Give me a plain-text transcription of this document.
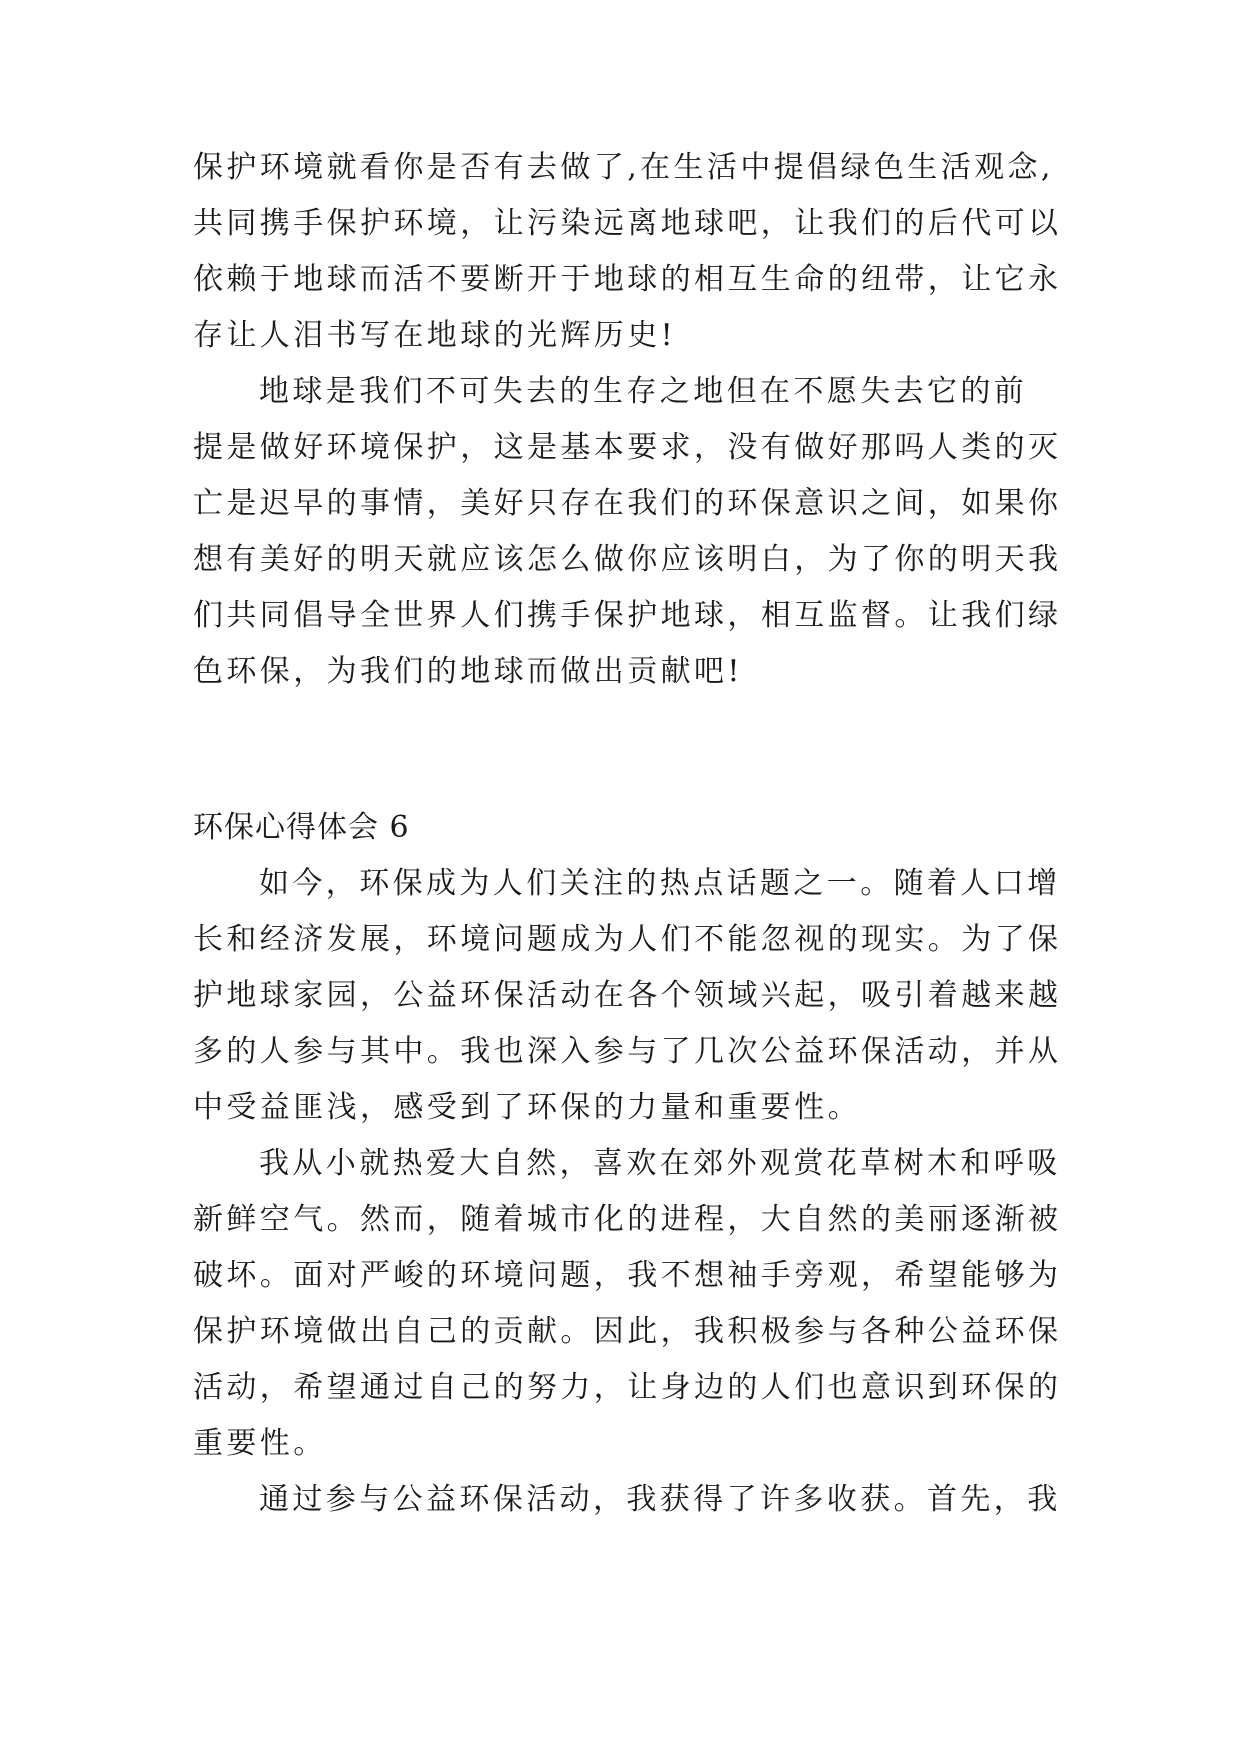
保护环境就看你是否有去做了,在生活中提倡绿色生活观念,
共同携手保护环境，让污染远离地球吧，让我们的后代可以
依赖于地球而活不要断开于地球的相互生命的纽带，让它永
存让人泪书写在地球的光辉历史!
地球是我们不可失去的生存之地但在不愿失去它的前
提是做好环境保护，这是基本要求，没有做好那吗人类的灭
亡是迟早的事情，美好只存在我们的环保意识之间，如果你
想有美好的明天就应该怎么做你应该明白，为了你的明天我
们共同倡导全世界人们携手保护地球，相互监督。让我们绿
色环保，为我们的地球而做出贡献吧!
环保心得体会 6
如今，环保成为人们关注的热点话题之一。随着人口增
长和经济发展，环境问题成为人们不能忽视的现实。为了保
护地球家园，公益环保活动在各个领域兴起，吸引着越来越
多的人参与其中。我也深入参与了几次公益环保活动，并从
中受益匪浅，感受到了环保的力量和重要性。
我从小就热爱大自然，喜欢在郊外观赏花草树木和呼吸
新鲜空气。然而，随着城市化的进程，大自然的美丽逐渐被
破坏。面对严峻的环境问题，我不想袖手旁观，希望能够为
保护环境做出自己的贡献。因此，我积极参与各种公益环保
活动，希望通过自己的努力，让身边的人们也意识到环保的
重要性。
通过参与公益环保活动，我获得了许多收获。首先，我
